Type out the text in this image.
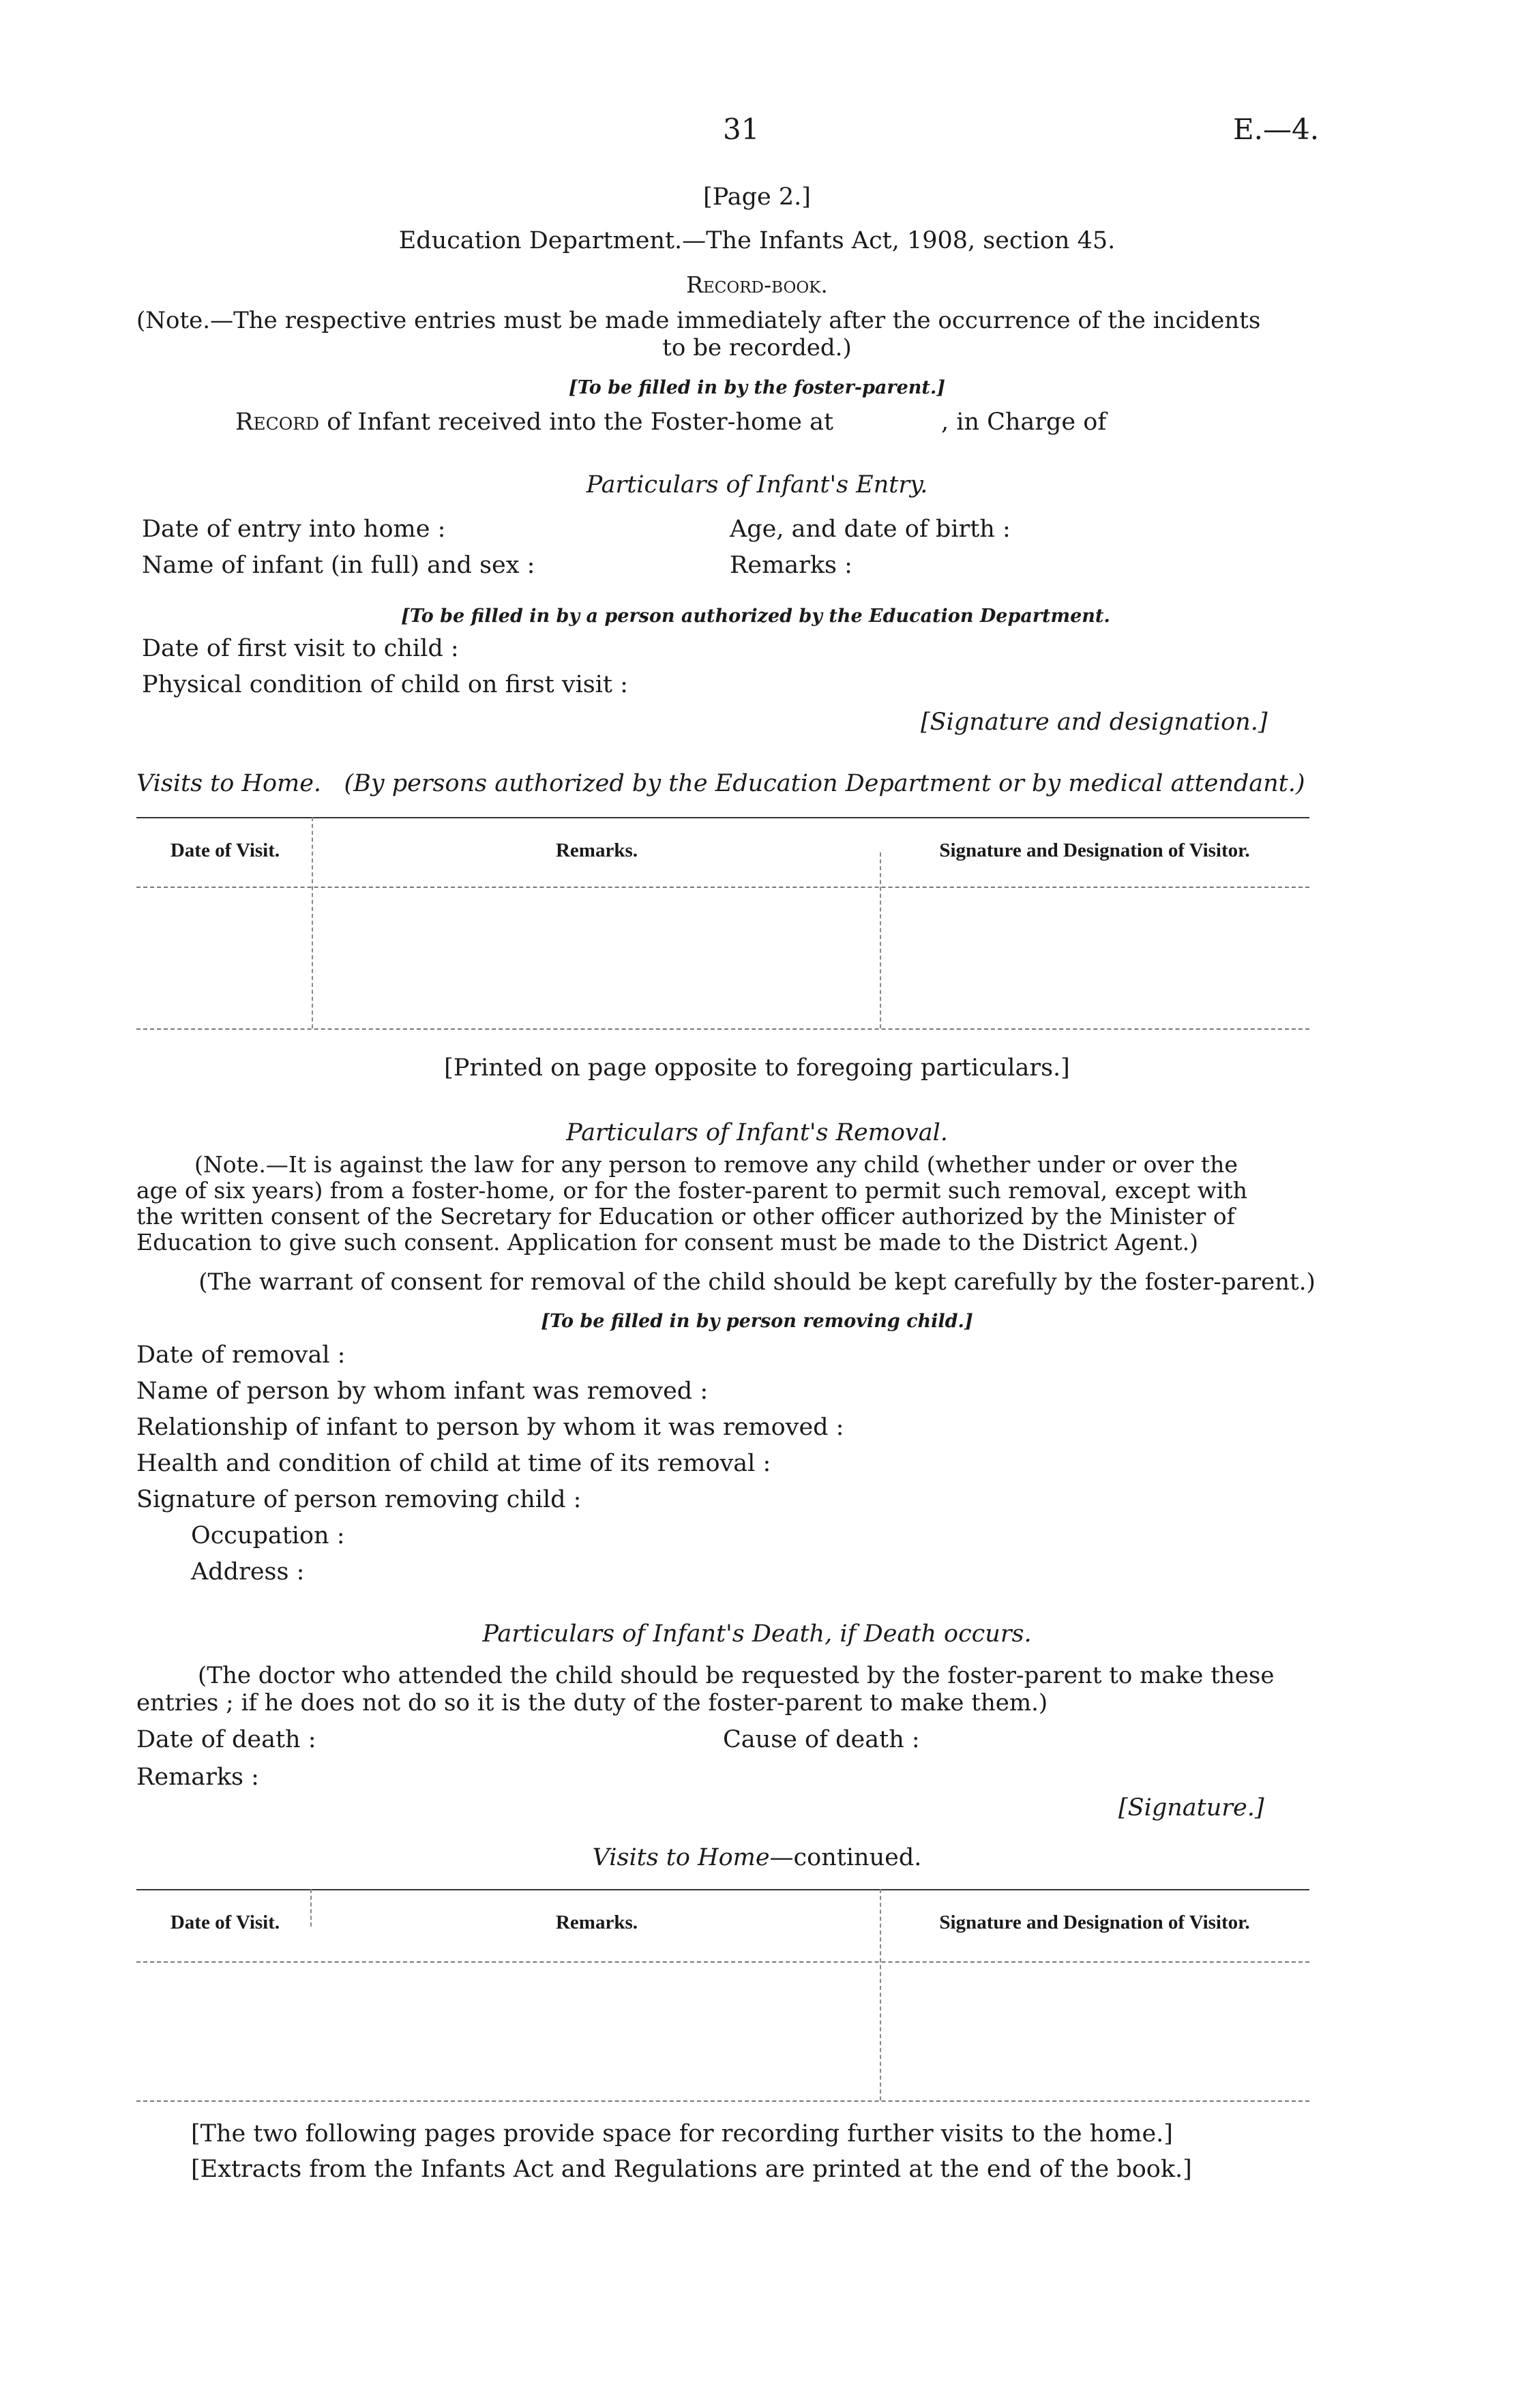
31	E.—4.
[Page 2.]
Education Department.—The Infants Act, 1908, section 45.
Record-book.
(Note.—The respective entries must be made immediately after the occurrence of the incidents
to be recorded.)
[To be filled in by the foster-parent.]
Record of Infant received into the Foster-home at	, in Charge of
Particulars of Infant's Entry.
Date of entry into home :	Age, and date of birth :
Name of infant (in full) and sex :	Remarks :
[To be filled in by a person authorized by the Education Department.
Date of first visit to child :
Physical condition of child on first visit :
[Signature and designation.]
Visits to Home. (By persons authorized by the Education Department or by medical attendant.)
Date of Visit.	Remarks.	Signature and Designation of Visitor.
[Printed on page opposite to foregoing particulars.]
Particulars of Infant's Removal.
(Note.—It is against the law for any person to remove any child (whether under or over the
age of six years) from a foster-home, or for the foster-parent to permit such removal, except with
the written consent of the Secretary for Education or other officer authorized by the Minister of
Education to give such consent. Application for consent must be made to the District Agent.)
(The warrant of consent for removal of the child should be kept carefully by the foster-parent.)
[To be filled in by person removing child.]
Date of removal :
Name of person by whom infant was removed :
Relationship of infant to person by whom it was removed :
Health and condition of child at time of its removal :
Signature of person removing child :
Occupation :
Address :
Particulars of Infant's Death, if Death occurs.
(The doctor who attended the child should be requested by the foster-parent to make these
entries ; if he does not do so it is the duty of the foster-parent to make them.)
Date of death :	Cause of death :
Remarks :
[Signature.]
Visits to Home—continued.
Date of Visit.	Remarks.	Signature and Designation of Visitor.
[The two following pages provide space for recording further visits to the home.]
[Extracts from the Infants Act and Regulations are printed at the end of the book.]
